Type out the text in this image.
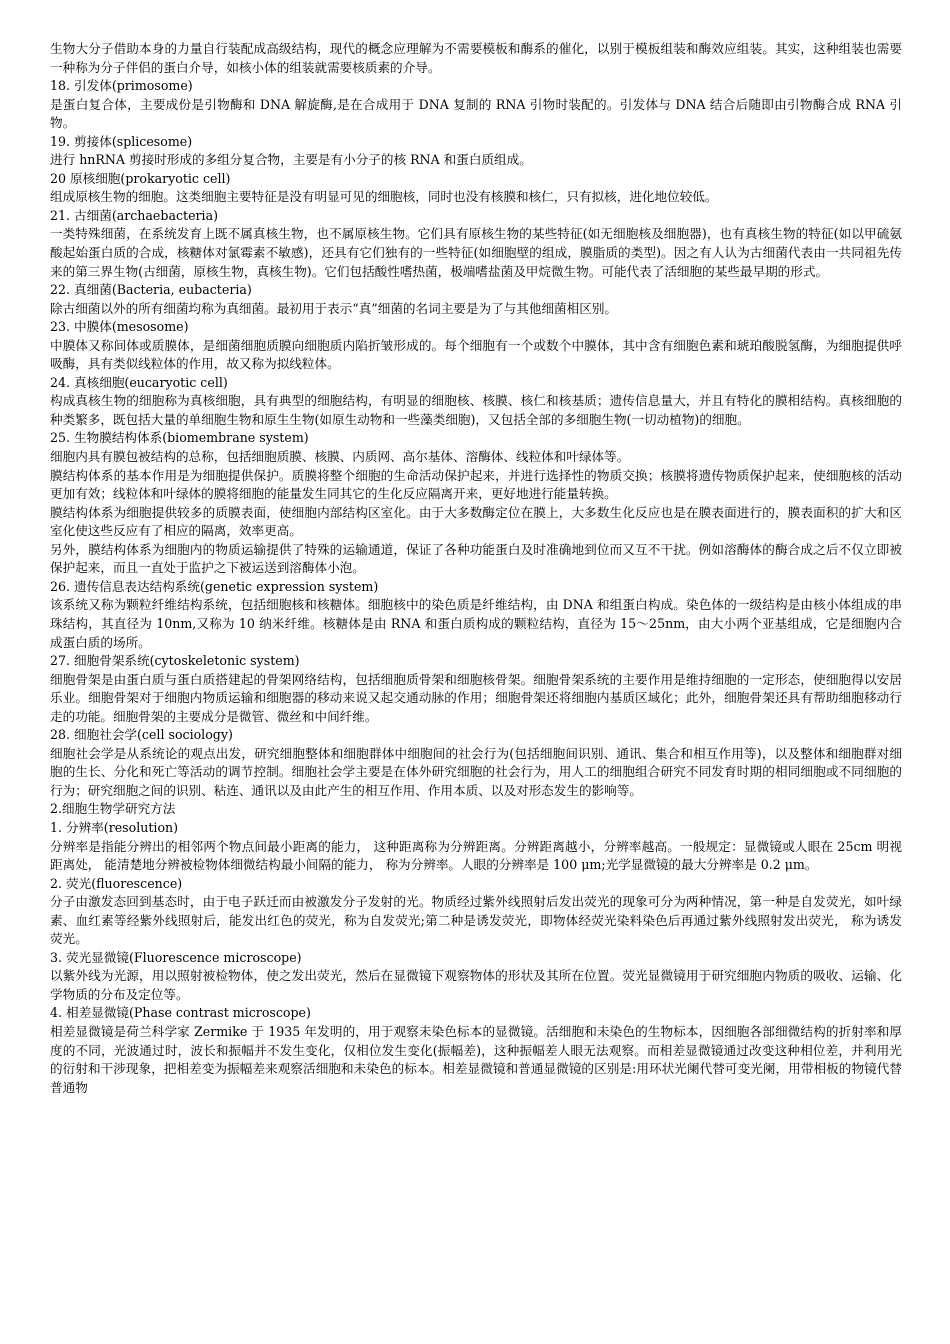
生物大分子借助本身的力量自行装配成高级结构，现代的概念应理解为不需要模板和酶系的催化，以别于模板组装和酶效应组装。其实，这种组装也需要一种称为分子伴侣的蛋白介导，如核小体的组装就需要核质素的介导。
18. 引发体(primosome)
是蛋白复合体，主要成份是引物酶和 DNA 解旋酶,是在合成用于 DNA 复制的 RNA 引物时装配的。引发体与 DNA 结合后随即由引物酶合成 RNA 引物。
19. 剪接体(splicesome)
进行 hnRNA 剪接时形成的多组分复合物，主要是有小分子的核 RNA 和蛋白质组成。
20 原核细胞(prokaryotic cell)
组成原核生物的细胞。这类细胞主要特征是没有明显可见的细胞核，同时也没有核膜和核仁，只有拟核，进化地位较低。
21. 古细菌(archaebacteria)
一类特殊细菌，在系统发育上既不属真核生物，也不属原核生物。它们具有原核生物的某些特征(如无细胞核及细胞器)，也有真核生物的特征(如以甲硫氨酸起始蛋白质的合成，核糖体对氯霉素不敏感)，还具有它们独有的一些特征(如细胞壁的组成，膜脂质的类型)。因之有人认为古细菌代表由一共同祖先传来的第三界生物(古细菌，原核生物，真核生物)。它们包括酸性嗜热菌，极端嗜盐菌及甲烷微生物。可能代表了活细胞的某些最早期的形式。
22. 真细菌(Bacteria, eubacteria)
除古细菌以外的所有细菌均称为真细菌。最初用于表示“真”细菌的名词主要是为了与其他细菌相区别。
23. 中膜体(mesosome)
中膜体又称间体或质膜体，是细菌细胞质膜向细胞质内陷折皱形成的。每个细胞有一个或数个中膜体，其中含有细胞色素和琥珀酸脱氢酶，为细胞提供呼吸酶，具有类似线粒体的作用，故又称为拟线粒体。
24. 真核细胞(eucaryotic cell)
构成真核生物的细胞称为真核细胞，具有典型的细胞结构，有明显的细胞核、核膜、核仁和核基质；遗传信息量大，并且有特化的膜相结构。真核细胞的种类繁多，既包括大量的单细胞生物和原生生物(如原生动物和一些藻类细胞)，又包括全部的多细胞生物(一切动植物)的细胞。
25. 生物膜结构体系(biomembrane system)
细胞内具有膜包被结构的总称，包括细胞质膜、核膜、内质网、高尔基体、溶酶体、线粒体和叶绿体等。
膜结构体系的基本作用是为细胞提供保护。质膜将整个细胞的生命活动保护起来，并进行选择性的物质交换；核膜将遗传物质保护起来，使细胞核的活动更加有效；线粒体和叶绿体的膜将细胞的能量发生同其它的生化反应隔离开来，更好地进行能量转换。
膜结构体系为细胞提供较多的质膜表面，使细胞内部结构区室化。由于大多数酶定位在膜上，大多数生化反应也是在膜表面进行的，膜表面积的扩大和区室化使这些反应有了相应的隔离，效率更高。
另外，膜结构体系为细胞内的物质运输提供了特殊的运输通道，保证了各种功能蛋白及时准确地到位而又互不干扰。例如溶酶体的酶合成之后不仅立即被保护起来，而且一直处于监护之下被运送到溶酶体小泡。
26. 遗传信息表达结构系统(genetic expression system)
该系统又称为颗粒纤维结构系统，包括细胞核和核糖体。细胞核中的染色质是纤维结构，由 DNA 和组蛋白构成。染色体的一级结构是由核小体组成的串珠结构，其直径为 10nm,又称为 10 纳米纤维。核糖体是由 RNA 和蛋白质构成的颗粒结构，直径为 15～25nm，由大小两个亚基组成，它是细胞内合成蛋白质的场所。
27. 细胞骨架系统(cytoskeletonic system)
细胞骨架是由蛋白质与蛋白质搭建起的骨架网络结构，包括细胞质骨架和细胞核骨架。细胞骨架系统的主要作用是维持细胞的一定形态，使细胞得以安居乐业。细胞骨架对于细胞内物质运输和细胞器的移动来说又起交通动脉的作用；细胞骨架还将细胞内基质区域化；此外，细胞骨架还具有帮助细胞移动行走的功能。细胞骨架的主要成分是微管、微丝和中间纤维。
28. 细胞社会学(cell sociology)
细胞社会学是从系统论的观点出发，研究细胞整体和细胞群体中细胞间的社会行为(包括细胞间识别、通讯、集合和相互作用等)，以及整体和细胞群对细胞的生长、分化和死亡等活动的调节控制。细胞社会学主要是在体外研究细胞的社会行为，用人工的细胞组合研究不同发育时期的相同细胞或不同细胞的行为；研究细胞之间的识别、粘连、通讯以及由此产生的相互作用、作用本质、以及对形态发生的影响等。
2.细胞生物学研究方法
1. 分辨率(resolution)
分辨率是指能分辨出的相邻两个物点间最小距离的能力， 这种距离称为分辨距离。分辨距离越小，分辨率越高。一般规定：显微镜或人眼在 25cm 明视距离处， 能清楚地分辨被检物体细微结构最小间隔的能力， 称为分辨率。人眼的分辨率是 100 μm;光学显微镜的最大分辨率是 0.2 μm。
2. 荧光(fluorescence)
分子由激发态回到基态时，由于电子跃迁而由被激发分子发射的光。物质经过紫外线照射后发出荧光的现象可分为两种情况，第一种是自发荧光，如叶绿素、血红素等经紫外线照射后，能发出红色的荧光，称为自发荧光;第二种是诱发荧光，即物体经荧光染料染色后再通过紫外线照射发出荧光， 称为诱发荧光。
3. 荧光显微镜(Fluorescence microscope)
以紫外线为光源，用以照射被检物体，使之发出荧光，然后在显微镜下观察物体的形状及其所在位置。荧光显微镜用于研究细胞内物质的吸收、运输、化学物质的分布及定位等。
4. 相差显微镜(Phase contrast microscope)
相差显微镜是荷兰科学家 Zermike 于 1935 年发明的，用于观察未染色标本的显微镜。活细胞和未染色的生物标本，因细胞各部细微结构的折射率和厚度的不同，光波通过时，波长和振幅并不发生变化，仅相位发生变化(振幅差)，这种振幅差人眼无法观察。而相差显微镜通过改变这种相位差，并利用光的衍射和干涉现象，把相差变为振幅差来观察活细胞和未染色的标本。相差显微镜和普通显微镜的区别是:用环状光阑代替可变光阑，用带相板的物镜代替普通物
